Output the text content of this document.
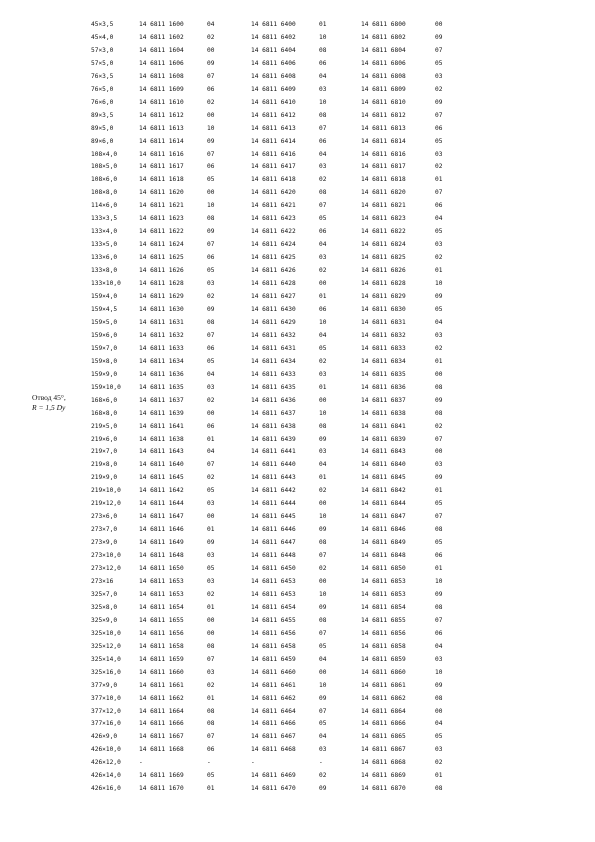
Отвод 45°,
R = 1,5 Dу
45×3,5	14 6811 1600	04	14 6811 6400	01	14 6811 6800	00
45×4,0	14 6811 1602	02	14 6811 6402	10	14 6811 6802	09
57×3,0	14 6811 1604	00	14 6811 6404	08	14 6811 6804	07
57×5,0	14 6811 1606	09	14 6811 6406	06	14 6811 6806	05
76×3,5	14 6811 1608	07	14 6811 6408	04	14 6811 6808	03
76×5,0	14 6811 1609	06	14 6811 6409	03	14 6811 6809	02
76×6,0	14 6811 1610	02	14 6811 6410	10	14 6811 6810	09
89×3,5	14 6811 1612	00	14 6811 6412	08	14 6811 6812	07
89×5,0	14 6811 1613	10	14 6811 6413	07	14 6811 6813	06
89×6,0	14 6811 1614	09	14 6811 6414	06	14 6811 6814	05
108×4,0	14 6811 1616	07	14 6811 6416	04	14 6811 6816	03
108×5,0	14 6811 1617	06	14 6811 6417	03	14 6811 6817	02
108×6,0	14 6811 1618	05	14 6811 6418	02	14 6811 6818	01
108×8,0	14 6811 1620	00	14 6811 6420	08	14 6811 6820	07
114×6,0	14 6811 1621	10	14 6811 6421	07	14 6811 6821	06
133×3,5	14 6811 1623	08	14 6811 6423	05	14 6811 6823	04
133×4,0	14 6811 1622	09	14 6811 6422	06	14 6811 6822	05
133×5,0	14 6811 1624	07	14 6811 6424	04	14 6811 6824	03
133×6,0	14 6811 1625	06	14 6811 6425	03	14 6811 6825	02
133×8,0	14 6811 1626	05	14 6811 6426	02	14 6811 6826	01
133×10,0	14 6811 1628	03	14 6811 6428	00	14 6811 6828	10
159×4,0	14 6811 1629	02	14 6811 6427	01	14 6811 6829	09
159×4,5	14 6811 1630	09	14 6811 6430	06	14 6811 6830	05
159×5,0	14 6811 1631	08	14 6811 6429	10	14 6811 6831	04
159×6,0	14 6811 1632	07	14 6811 6432	04	14 6811 6832	03
159×7,0	14 6811 1633	06	14 6811 6431	05	14 6811 6833	02
159×8,0	14 6811 1634	05	14 6811 6434	02	14 6811 6834	01
159×9,0	14 6811 1636	04	14 6811 6433	03	14 6811 6835	00
159×10,0	14 6811 1635	03	14 6811 6435	01	14 6811 6836	08
168×6,0	14 6811 1637	02	14 6811 6436	00	14 6811 6837	09
168×8,0	14 6811 1639	00	14 6811 6437	10	14 6811 6838	08
219×5,0	14 6811 1641	06	14 6811 6438	08	14 6811 6841	02
219×6,0	14 6811 1638	01	14 6811 6439	09	14 6811 6839	07
219×7,0	14 6811 1643	04	14 6811 6441	03	14 6811 6843	00
219×8,0	14 6811 1640	07	14 6811 6440	04	14 6811 6840	03
219×9,0	14 6811 1645	02	14 6811 6443	01	14 6811 6845	09
219×10,0	14 6811 1642	05	14 6811 6442	02	14 6811 6842	01
219×12,0	14 6811 1644	03	14 6811 6444	00	14 6811 6844	05
273×6,0	14 6811 1647	00	14 6811 6445	10	14 6811 6847	07
273×7,0	14 6811 1646	01	14 6811 6446	09	14 6811 6846	08
273×9,0	14 6811 1649	09	14 6811 6447	08	14 6811 6849	05
273×10,0	14 6811 1648	03	14 6811 6448	07	14 6811 6848	06
273×12,0	14 6811 1650	05	14 6811 6450	02	14 6811 6850	01
273×16	14 6811 1653	03	14 6811 6453	00	14 6811 6853	10
325×7,0	14 6811 1653	02	14 6811 6453	10	14 6811 6853	09
325×8,0	14 6811 1654	01	14 6811 6454	09	14 6811 6854	08
325×9,0	14 6811 1655	00	14 6811 6455	08	14 6811 6855	07
325×10,0	14 6811 1656	00	14 6811 6456	07	14 6811 6856	06
325×12,0	14 6811 1658	08	14 6811 6458	05	14 6811 6858	04
325×14,0	14 6811 1659	07	14 6811 6459	04	14 6811 6859	03
325×16,0	14 6811 1660	03	14 6811 6460	00	14 6811 6860	10
377×9,0	14 6811 1661	02	14 6811 6461	10	14 6811 6861	09
377×10,0	14 6811 1662	01	14 6811 6462	09	14 6811 6862	08
377×12,0	14 6811 1664	08	14 6811 6464	07	14 6811 6864	00
377×16,0	14 6811 1666	08	14 6811 6466	05	14 6811 6866	04
426×9,0	14 6811 1667	07	14 6811 6467	04	14 6811 6865	05
426×10,0	14 6811 1668	06	14 6811 6468	03	14 6811 6867	03
426×12,0	-	-	-	-	14 6811 6868	02
426×14,0	14 6811 1669	05	14 6811 6469	02	14 6811 6869	01
426×16,0	14 6811 1670	01	14 6811 6470	09	14 6811 6870	08
